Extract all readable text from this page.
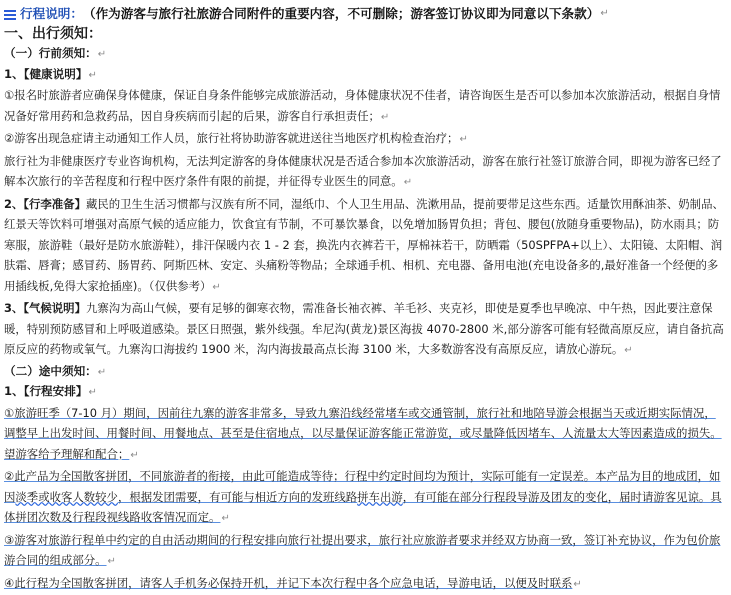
行程说明： （作为游客与旅行社旅游合同附件的重要内容，不可删除；游客签订协议即为同意以下条款） ↵
一、出行须知：
（一）行前须知：↵
1、【健康说明】↵

①报名时旅游者应确保身体健康，保证自身条件能够完成旅游活动，身体健康状况不佳者，请咨询医生是否可以参加本次旅游活动，根据自身情况备好常用药和急救药品，因自身疾病而引起的后果，游客自行承担责任；↵

②游客出现急症请主动通知工作人员，旅行社将协助游客就进送往当地医疗机构检查治疗；↵

旅行社为非健康医疗专业咨询机构，无法判定游客的身体健康状况是否适合参加本次旅游活动，游客在旅行社签订旅游合同，即视为游客已经了解本次旅行的辛苦程度和行程中医疗条件有限的前提，并征得专业医生的同意。↵

2、【行李准备】藏民的卫生生活习惯都与汉族有所不同，湿纸巾、个人卫生用品、洗漱用品，提前要带足这些东西。适量饮用酥油茶、奶制品、红景天等饮料可增强对高原气候的适应能力，饮食宜有节制，不可暴饮暴食，以免增加肠胃负担；背包、腰包(放随身重要物品)，防水雨具；防寒服，旅游鞋（最好是防水旅游鞋），排汗保暖内衣 1 - 2 套，换洗内衣裤若干，厚棉袜若干，防晒霜（50SPFPA+以上）、太阳镜、太阳帽、润肤霜、唇膏；感冒药、肠胃药、阿斯匹林、安定、头痛粉等物品；全球通手机、相机、充电器、备用电池(充电设备多的,最好准备一个经便的多用插线板,免得大家抢插座)。（仅供参考）↵

3、【气候说明】九寨沟为高山气候，要有足够的御寒衣物，需准备长袖衣裤、羊毛衫、夹克衫，即使是夏季也早晚凉、中午热，因此要注意保暖，特别预防感冒和上呼吸道感染。景区日照强，紫外线强。牟尼沟(黄龙)景区海拔 4070-2800 米,部分游客可能有轻微高原反应，请自备抗高原反应的药物或氧气。九寨沟口海拔约 1900 米，沟内海拔最高点长海 3100 米，大多数游客没有高原反应，请放心游玩。↵

（二）途中须知：↵
1、【行程安排】↵

①旅游旺季（7-10 月）期间，因前往九寨的游客非常多，导致九寨沿线经常堵车或交通管制，旅行社和地陪导游会根据当天或近期实际情况，调整早上出发时间、用餐时间、用餐地点、甚至是住宿地点，以尽量保证游客能正常游览，或尽量降低因堵车、人流量太大等因素造成的损失。望游客给予理解和配合；↵

②此产品为全国散客拼团，不同旅游者的衔接，由此可能造成等待；行程中约定时间均为预计，实际可能有一定误差。本产品为目的地成团，如因淡季或收客人数较少，根据发团需要，有可能与相近方向的发班线路拼车出游，有可能在部分行程段导游及团友的变化，届时请游客见谅。具体拼团次数及行程段视线路收客情况而定。↵

③游客对旅游行程单中约定的自由活动期间的行程安排向旅行社提出要求，旅行社应旅游者要求并经双方协商一致，签订补充协议，作为包价旅游合同的组成部分。↵

④此行程为全国散客拼团，请客人手机务必保持开机，并记下本次行程中各个应急电话，导游电话，以便及时联系↵
